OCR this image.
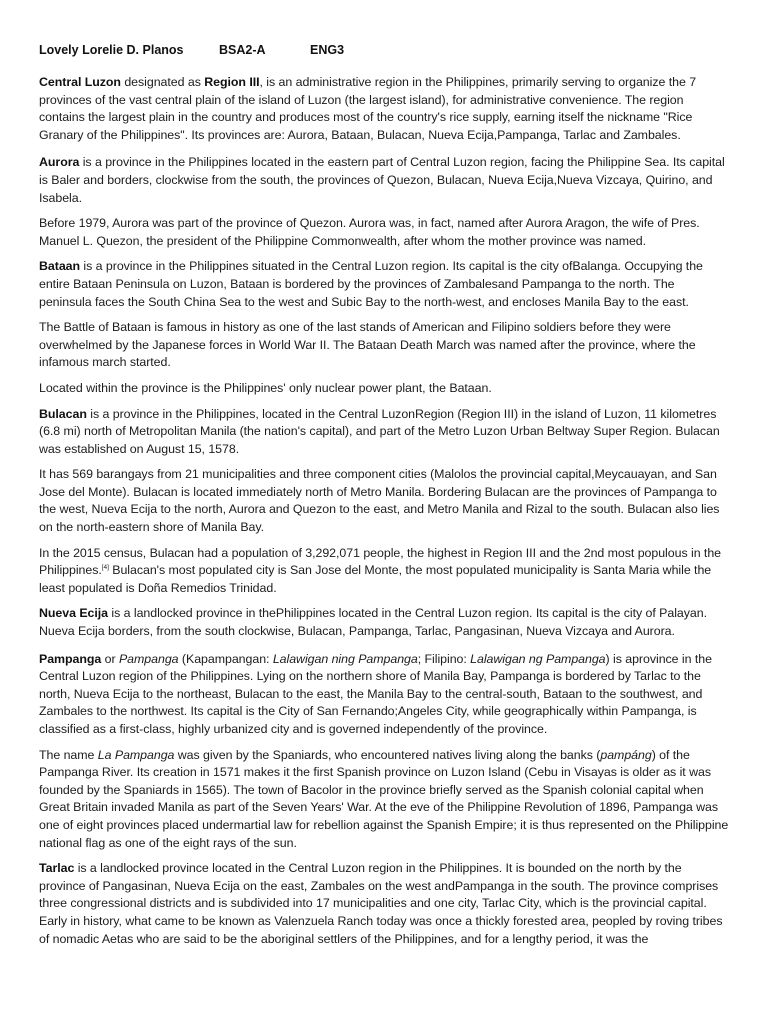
Lovely Lorelie D. Planos	BSA2-A	ENG3

Central Luzon designated as Region III, is an administrative region in the Philippines, primarily serving to organize the 7 provinces of the vast central plain of the island of Luzon (the largest island), for administrative convenience. The region contains the largest plain in the country and produces most of the country's rice supply, earning itself the nickname "Rice Granary of the Philippines". Its provinces are: Aurora, Bataan, Bulacan, Nueva Ecija,Pampanga, Tarlac and Zambales.

Aurora is a province in the Philippines located in the eastern part of Central Luzon region, facing the Philippine Sea. Its capital is Baler and borders, clockwise from the south, the provinces of Quezon, Bulacan, Nueva Ecija,Nueva Vizcaya, Quirino, and Isabela.

Before 1979, Aurora was part of the province of Quezon. Aurora was, in fact, named after Aurora Aragon, the wife of Pres. Manuel L. Quezon, the president of the Philippine Commonwealth, after whom the mother province was named.

Bataan is a province in the Philippines situated in the Central Luzon region. Its capital is the city ofBalanga. Occupying the entire Bataan Peninsula on Luzon, Bataan is bordered by the provinces of Zambalesand Pampanga to the north. The peninsula faces the South China Sea to the west and Subic Bay to the north-west, and encloses Manila Bay to the east.

The Battle of Bataan is famous in history as one of the last stands of American and Filipino soldiers before they were overwhelmed by the Japanese forces in World War II. The Bataan Death March was named after the province, where the infamous march started.

Located within the province is the Philippines' only nuclear power plant, the Bataan.

Bulacan is a province in the Philippines, located in the Central LuzonRegion (Region III) in the island of Luzon, 11 kilometres (6.8 mi) north of Metropolitan Manila (the nation's capital), and part of the Metro Luzon Urban Beltway Super Region. Bulacan was established on August 15, 1578.

It has 569 barangays from 21 municipalities and three component cities (Malolos the provincial capital,Meycauayan, and San Jose del Monte). Bulacan is located immediately north of Metro Manila. Bordering Bulacan are the provinces of Pampanga to the west, Nueva Ecija to the north, Aurora and Quezon to the east, and Metro Manila and Rizal to the south. Bulacan also lies on the north-eastern shore of Manila Bay.

In the 2015 census, Bulacan had a population of 3,292,071 people, the highest in Region III and the 2nd most populous in the Philippines.[4] Bulacan's most populated city is San Jose del Monte, the most populated municipality is Santa Maria while the least populated is Doña Remedios Trinidad.

Nueva Ecija is a landlocked province in thePhilippines located in the Central Luzon region. Its capital is the city of Palayan. Nueva Ecija borders, from the south clockwise, Bulacan, Pampanga, Tarlac, Pangasinan, Nueva Vizcaya and Aurora.

Pampanga or Pampanga (Kapampangan: Lalawigan ning Pampanga; Filipino: Lalawigan ng Pampanga) is aprovince in the Central Luzon region of the Philippines. Lying on the northern shore of Manila Bay, Pampanga is bordered by Tarlac to the north, Nueva Ecija to the northeast, Bulacan to the east, the Manila Bay to the central-south, Bataan to the southwest, and Zambales to the northwest. Its capital is the City of San Fernando;Angeles City, while geographically within Pampanga, is classified as a first-class, highly urbanized city and is governed independently of the province.

The name La Pampanga was given by the Spaniards, who encountered natives living along the banks (pampáng) of the Pampanga River. Its creation in 1571 makes it the first Spanish province on Luzon Island (Cebu in Visayas is older as it was founded by the Spaniards in 1565). The town of Bacolor in the province briefly served as the Spanish colonial capital when Great Britain invaded Manila as part of the Seven Years' War. At the eve of the Philippine Revolution of 1896, Pampanga was one of eight provinces placed undermartial law for rebellion against the Spanish Empire; it is thus represented on the Philippine national flag as one of the eight rays of the sun.

Tarlac is a landlocked province located in the Central Luzon region in the Philippines. It is bounded on the north by the province of Pangasinan, Nueva Ecija on the east, Zambales on the west andPampanga in the south. The province comprises three congressional districts and is subdivided into 17 municipalities and one city, Tarlac City, which is the provincial capital.

Early in history, what came to be known as Valenzuela Ranch today was once a thickly forested area, peopled by roving tribes of nomadic Aetas who are said to be the aboriginal settlers of the Philippines, and for a lengthy period, it was the
